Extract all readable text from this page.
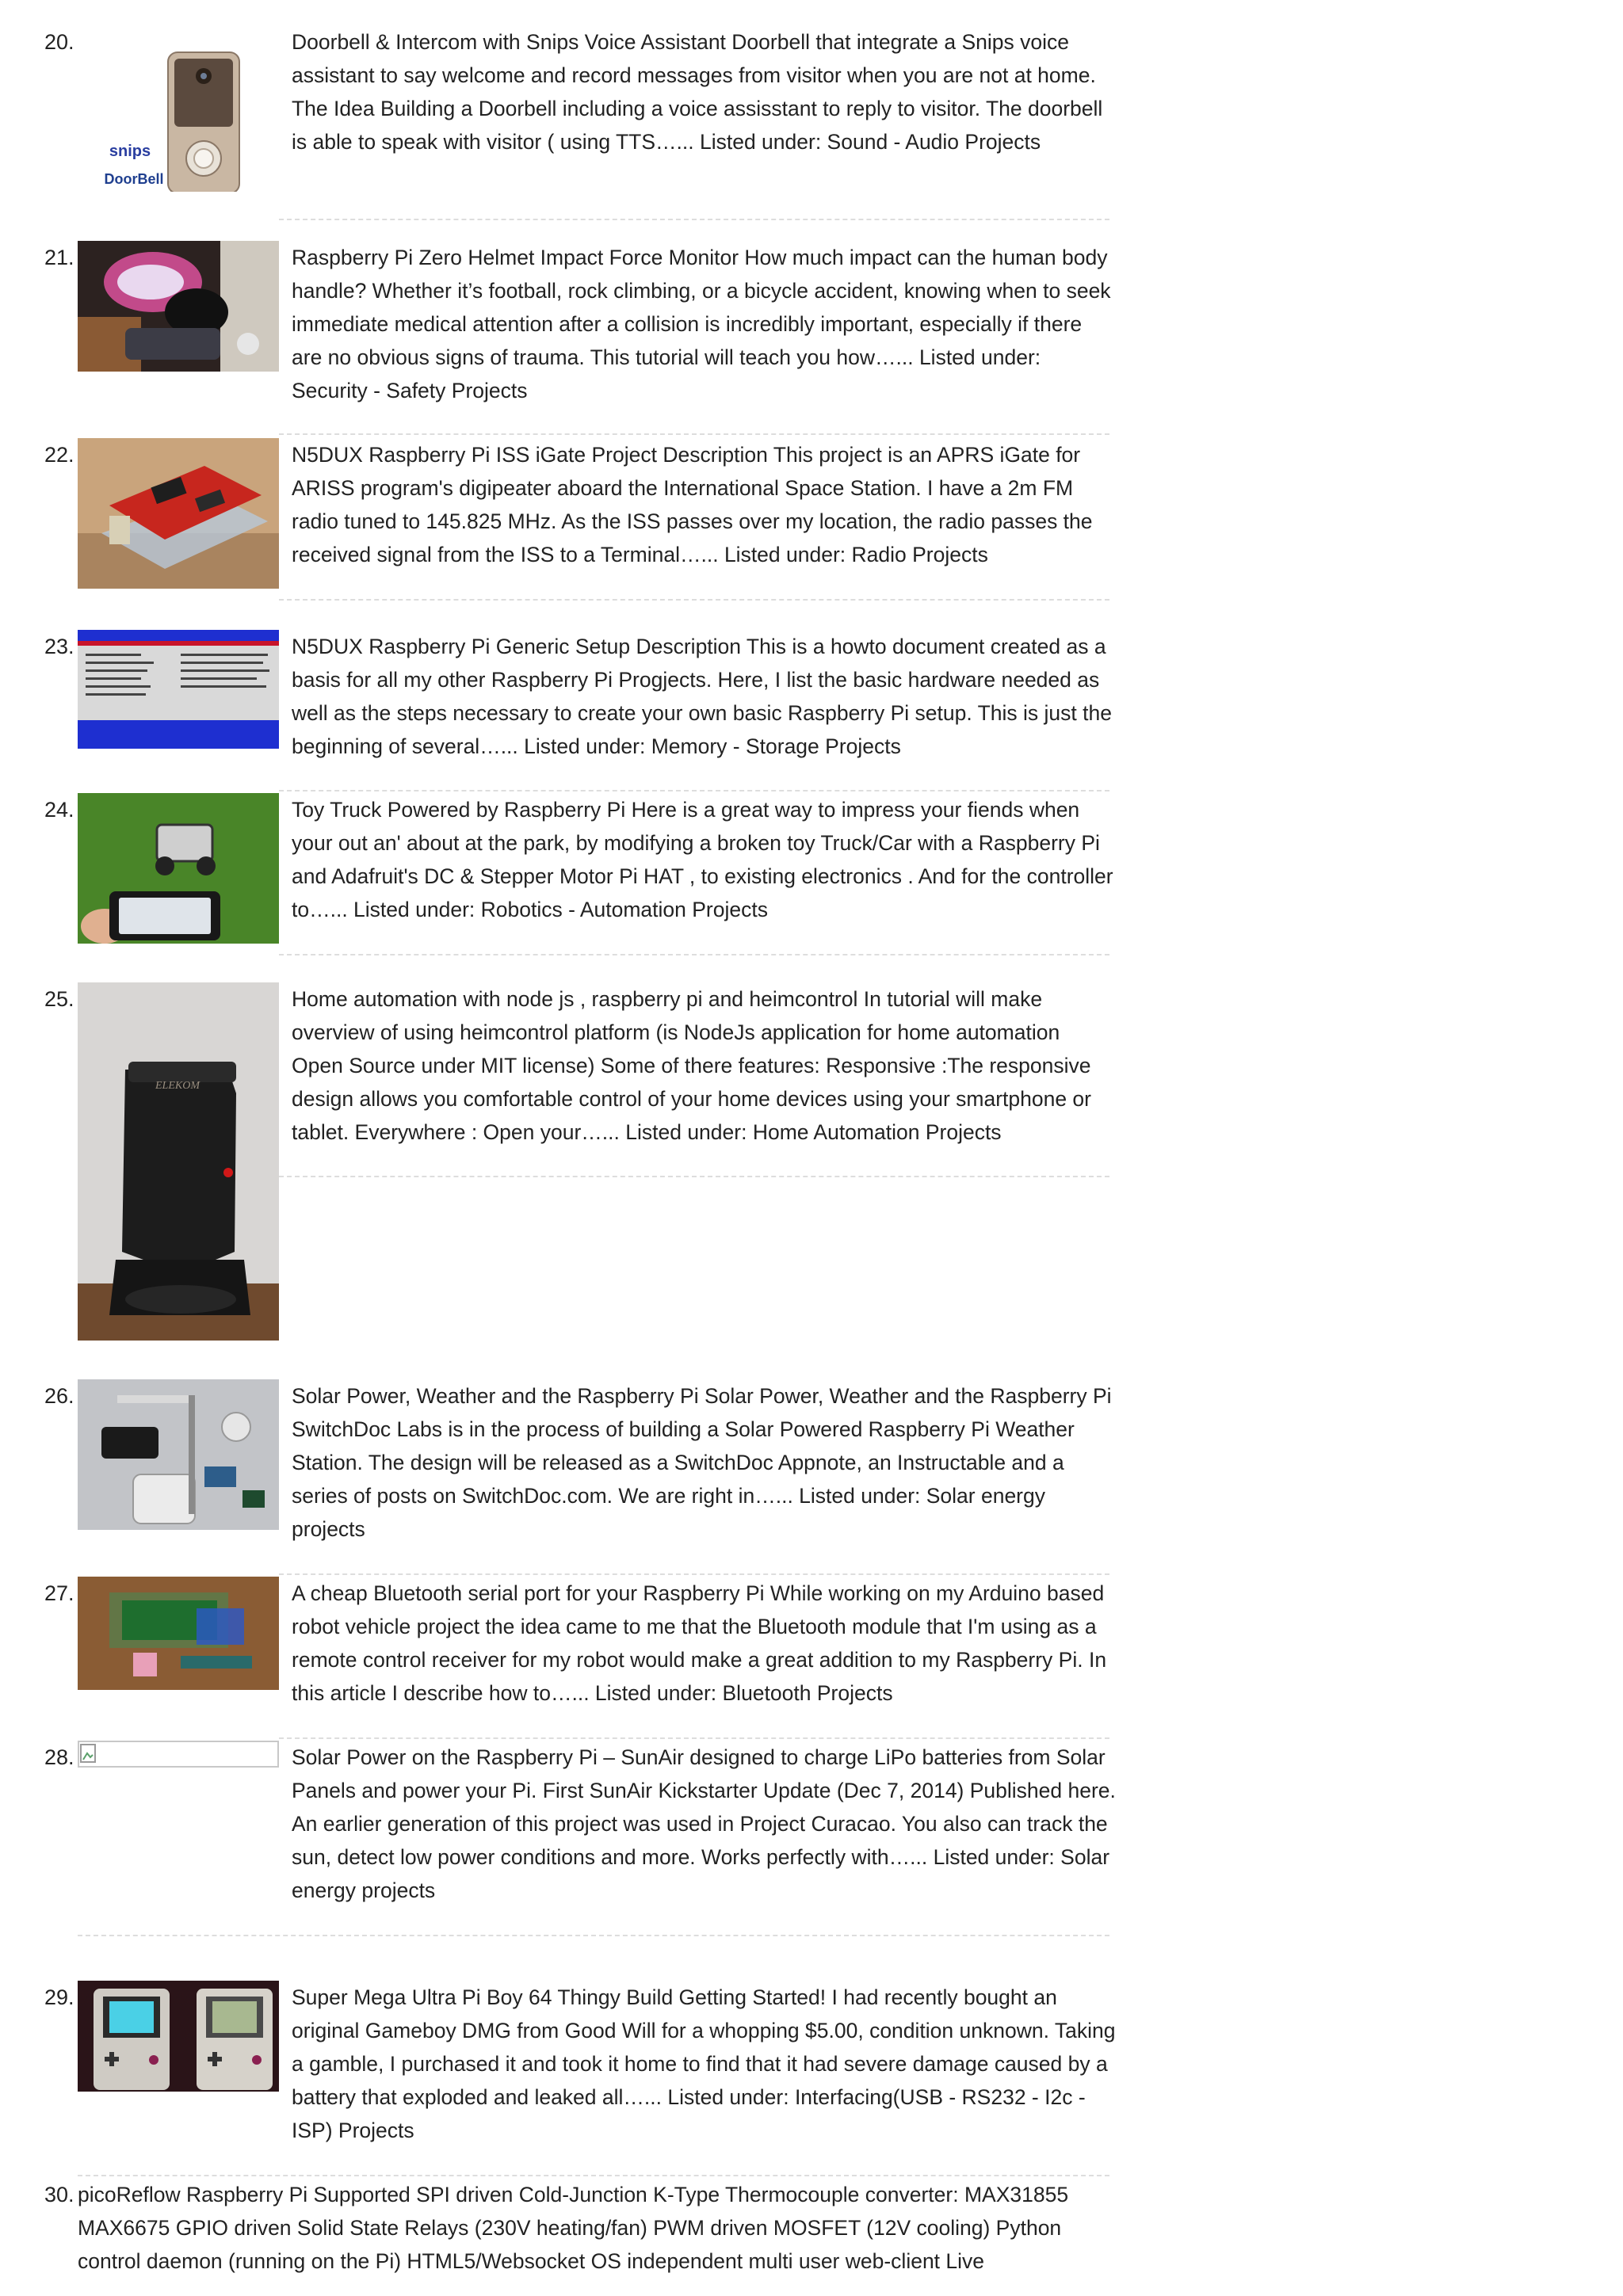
20.
snips
DoorBell

Doorbell & Intercom with Snips Voice Assistant Doorbell that integrate a Snips voice assistant to say welcome and record messages from visitor when you are not at home. The Idea Building a Doorbell including a voice assisstant to reply to visitor. The doorbell is able to speak with visitor ( using TTS…... Listed under: Sound - Audio Projects

21.	Raspberry Pi Zero Helmet Impact Force Monitor How much impact can the human body handle? Whether it’s football, rock climbing, or a bicycle accident, knowing when to seek immediate medical attention after a collision is incredibly important, especially if there are no obvious signs of trauma. This tutorial will teach you how…... Listed under: Security - Safety Projects

22.	N5DUX Raspberry Pi ISS iGate Project Description This project is an APRS iGate for ARISS program's digipeater aboard the International Space Station. I have a 2m FM radio tuned to 145.825 MHz. As the ISS passes over my location, the radio passes the received signal from the ISS to a Terminal…... Listed under: Radio Projects

23.	N5DUX Raspberry Pi Generic Setup Description This is a howto document created as a basis for all my other Raspberry Pi Progjects. Here, I list the basic hardware needed as well as the steps necessary to create your own basic Raspberry Pi setup. This is just the beginning of several…... Listed under: Memory - Storage Projects

24.	Toy Truck Powered by Raspberry Pi Here is a great way to impress your fiends when your out an' about at the park, by modifying a broken toy Truck/Car with a Raspberry Pi and Adafruit's DC & Stepper Motor Pi HAT , to existing electronics . And for the controller to…... Listed under: Robotics - Automation Projects

25.
ELEKOM

Home automation with node js , raspberry pi and heimcontrol In tutorial will make overview of using heimcontrol platform (is NodeJs application for home automation Open Source under MIT license) Some of there features: Responsive :The responsive design allows you comfortable control of your home devices using your smartphone or tablet. Everywhere : Open your…... Listed under: Home Automation Projects

26.	Solar Power, Weather and the Raspberry Pi Solar Power, Weather and the Raspberry Pi SwitchDoc Labs is in the process of building a Solar Powered Raspberry Pi Weather Station. The design will be released as a SwitchDoc Appnote, an Instructable and a series of posts on SwitchDoc.com. We are right in…... Listed under: Solar energy projects

27.	A cheap Bluetooth serial port for your Raspberry Pi While working on my Arduino based robot vehicle project the idea came to me that the Bluetooth module that I'm using as a remote control receiver for my robot would make a great addition to my Raspberry Pi. In this article I describe how to…... Listed under: Bluetooth Projects

28.	Solar Power on the Raspberry Pi – SunAir designed to charge LiPo batteries from Solar Panels and power your Pi. First SunAir Kickstarter Update (Dec 7, 2014) Published here. An earlier generation of this project was used in Project Curacao. You also can track the sun, detect low power conditions and more. Works perfectly with…... Listed under: Solar energy projects

29.	Super Mega Ultra Pi Boy 64 Thingy Build Getting Started! I had recently bought an original Gameboy DMG from Good Will for a whopping $5.00, condition unknown. Taking a gamble, I purchased it and took it home to find that it had severe damage caused by a battery that exploded and leaked all…... Listed under: Interfacing(USB - RS232 - I2c -ISP) Projects

30. picoReflow Raspberry Pi Supported SPI driven Cold-Junction K-Type Thermocouple converter: MAX31855 MAX6675 GPIO driven Solid State Relays (230V heating/fan) PWM driven MOSFET (12V cooling) Python control daemon (running on the Pi) HTML5/Websocket OS independent multi user web-client Live
